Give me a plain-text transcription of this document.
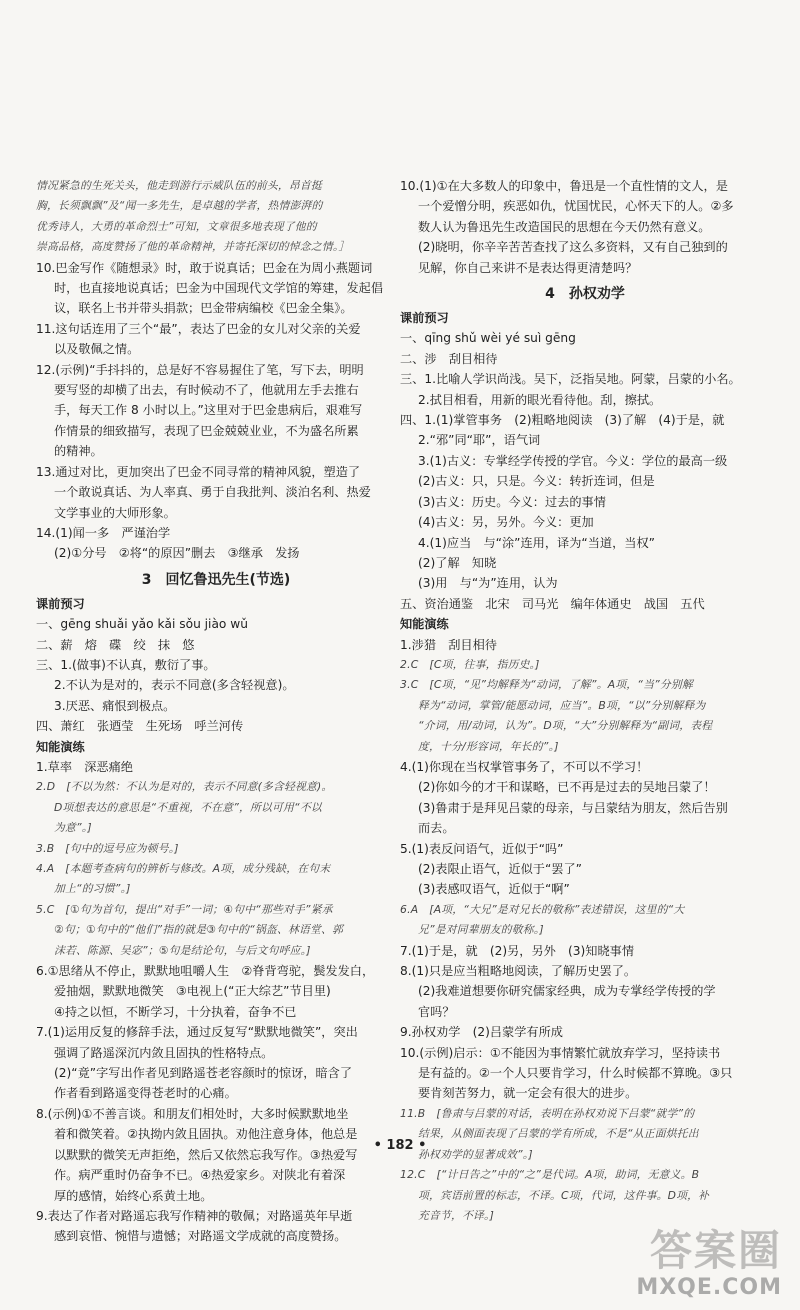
情况紧急的生死关头，他走到游行示威队伍的前头，昂首挺
胸，长须飘飘”及“闻一多先生，是卓越的学者，热情澎湃的
优秀诗人，大勇的革命烈士”可知，文章很多地表现了他的
崇高品格，高度赞扬了他的革命精神，并寄托深切的悼念之情。］
10.巴金写作《随想录》时，敢于说真话；巴金在为周小燕题词
时，也直接地说真话；巴金为中国现代文学馆的筹建，发起倡
议，联名上书并带头捐款；巴金带病编校《巴金全集》。
11.这句话连用了三个“最”，表达了巴金的女儿对父亲的关爱
以及敬佩之情。
12.(示例)“手抖抖的，总是好不容易握住了笔，写下去，明明
要写竖的却横了出去，有时候动不了，他就用左手去推右
手，每天工作 8 小时以上。”这里对于巴金患病后，艰难写
作情景的细致描写，表现了巴金兢兢业业，不为盛名所累
的精神。
13.通过对比，更加突出了巴金不同寻常的精神风貌，塑造了
一个敢说真话、为人率真、勇于自我批判、淡泊名利、热爱
文学事业的大师形象。
14.(1)闻一多　严谨治学
(2)①分号　②将“的原因”删去　③继承　发扬
3　回忆鲁迅先生(节选)
课前预习
一、gēng shuǎi yǎo kǎi sǒu jiào wǔ
二、薪　熔　碟　绞　抹　悠
三、1.(做事)不认真，敷衍了事。
2.不认为是对的，表示不同意(多含轻视意)。
3.厌恶、痛恨到极点。
四、萧红　张迺莹　生死场　呼兰河传
知能演练
1.草率　深恶痛绝
2.D　[不以为然：不认为是对的，表示不同意(多含轻视意)。
D项想表达的意思是“不重视，不在意”，所以可用“不以
为意”。]
3.B　[句中的逗号应为顿号。]
4.A　[本题考查病句的辨析与修改。A项，成分残缺，在句末
加上“的习惯”。]
5.C　[①句为首句，提出“对手”一词；④句中“那些对手”紧承
②句；①句中的“他们”指的就是③句中的“锅盔、林语堂、郭
沫若、陈源、吴宓”；⑤句是结论句，与后文句呼应。]
6.①思绪从不停止，默默地咀嚼人生　②脊背弯驼，鬓发发白，
爱抽烟，默默地微笑　③电视上(“正大综艺”节目里)
④持之以恒，不断学习，十分执着，奋争不已
7.(1)运用反复的修辞手法，通过反复写“默默地微笑”，突出
强调了路遥深沉内敛且固执的性格特点。
(2)“竟”字写出作者见到路遥苍老容颜时的惊讶，暗含了
作者看到路遥变得苍老时的心痛。
8.(示例)①不善言谈。和朋友们相处时，大多时候默默地坐
着和微笑着。②执拗内敛且固执。劝他注意身体，他总是
以默默的微笑无声拒绝，然后又依然忘我写作。③热爱写
作。病严重时仍奋争不已。④热爱家乡。对陕北有着深
厚的感情，始终心系黄土地。
9.表达了作者对路遥忘我写作精神的敬佩；对路遥英年早逝
感到哀惜、惋惜与遗憾；对路遥文学成就的高度赞扬。
10.(1)①在大多数人的印象中，鲁迅是一个直性情的文人，是
一个爱憎分明，疾恶如仇，忧国忧民，心怀天下的人。②多
数人认为鲁迅先生改造国民的思想在今天仍然有意义。
(2)晓明，你辛辛苦苦查找了这么多资料，又有自己独到的
见解，你自己来讲不是表达得更清楚吗？
4　孙权劝学
课前预习
一、qīng shǔ wèi yé suì gēng
二、涉　刮目相待
三、1.比喻人学识尚浅。吴下，泛指吴地。阿蒙，吕蒙的小名。
2.拭目相看，用新的眼光看待他。刮，擦拭。
四、1.(1)掌管事务　(2)粗略地阅读　(3)了解　(4)于是，就
2.“邪”同“耶”，语气词
3.(1)古义：专掌经学传授的学官。今义：学位的最高一级
(2)古义：只，只是。今义：转折连词，但是
(3)古义：历史。今义：过去的事情
(4)古义：另，另外。今义：更加
4.(1)应当　与“涂”连用，译为“当道，当权”
(2)了解　知晓
(3)用　与“为”连用，认为
五、资治通鉴　北宋　司马光　编年体通史　战国　五代
知能演练
1.涉猎　刮目相待
2.C　[C项，往事，指历史。]
3.C　[C项，“见”均解释为“动词，了解”。A项，“当”分别解
释为“动词，掌管/能愿动词，应当”。B项，“以”分别解释为
“介词，用/动词，认为”。D项，“大”分别解释为“副词，表程
度，十分/形容词，年长的”。]
4.(1)你现在当权掌管事务了，不可以不学习！
(2)你如今的才干和谋略，已不再是过去的吴地吕蒙了！
(3)鲁肃于是拜见吕蒙的母亲，与吕蒙结为朋友，然后告别
而去。
5.(1)表反问语气，近似于“吗”
(2)表限止语气，近似于“罢了”
(3)表感叹语气，近似于“啊”
6.A　[A项，“大兄”是对兄长的敬称”表述错误，这里的“大
兄”是对同辈朋友的敬称。]
7.(1)于是，就　(2)另，另外　(3)知晓事情
8.(1)只是应当粗略地阅读，了解历史罢了。
(2)我难道想要你研究儒家经典，成为专掌经学传授的学
官吗？
9.孙权劝学　(2)吕蒙学有所成
10.(示例)启示：①不能因为事情繁忙就放弃学习，坚持读书
是有益的。②一个人只要肯学习，什么时候都不算晚。③只
要肯刻苦努力，就一定会有很大的进步。
11.B　[鲁肃与吕蒙的对话，表明在孙权劝说下吕蒙“就学”的
结果，从侧面表现了吕蒙的学有所成，不是“从正面烘托出
孙权劝学的显著成效”。]
12.C　[“计日告之”中的“之”是代词。A项，助词，无意义。B
项，宾语前置的标志，不译。C项，代词，这件事。D项，补
充音节，不译。]
• 182 •
答案圈
MXQE.COM
